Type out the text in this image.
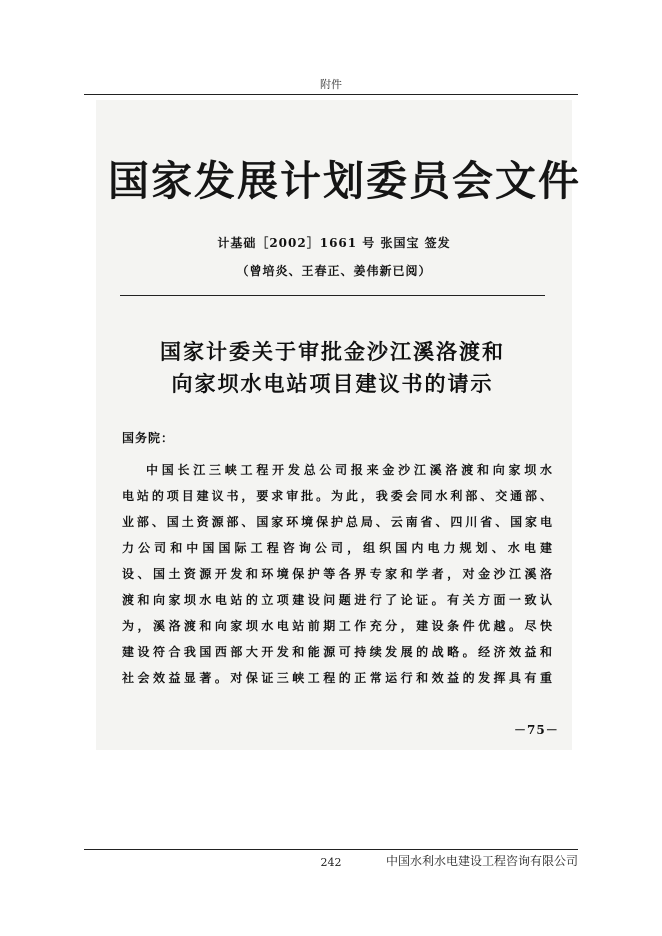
附件
国家发展计划委员会文件
计基础［2002］1661 号 张国宝 签发
（曾培炎、王春正、姜伟新已阅）
国家计委关于审批金沙江溪洛渡和
向家坝水电站项目建议书的请示
国务院：
中国长江三峡工程开发总公司报来金沙江溪洛渡和向家坝水
电站的项目建议书，要求审批。为此，我委会同水利部、交通部、
业部、国土资源部、国家环境保护总局、云南省、四川省、国家电
力公司和中国国际工程咨询公司，组织国内电力规划、水电建
设、国土资源开发和环境保护等各界专家和学者，对金沙江溪洛
渡和向家坝水电站的立项建设问题进行了论证。有关方面一致认
为，溪洛渡和向家坝水电站前期工作充分，建设条件优越。尽快
建设符合我国西部大开发和能源可持续发展的战略。经济效益和
社会效益显著。对保证三峡工程的正常运行和效益的发挥具有重
－75－
242	中国水利水电建设工程咨询有限公司
